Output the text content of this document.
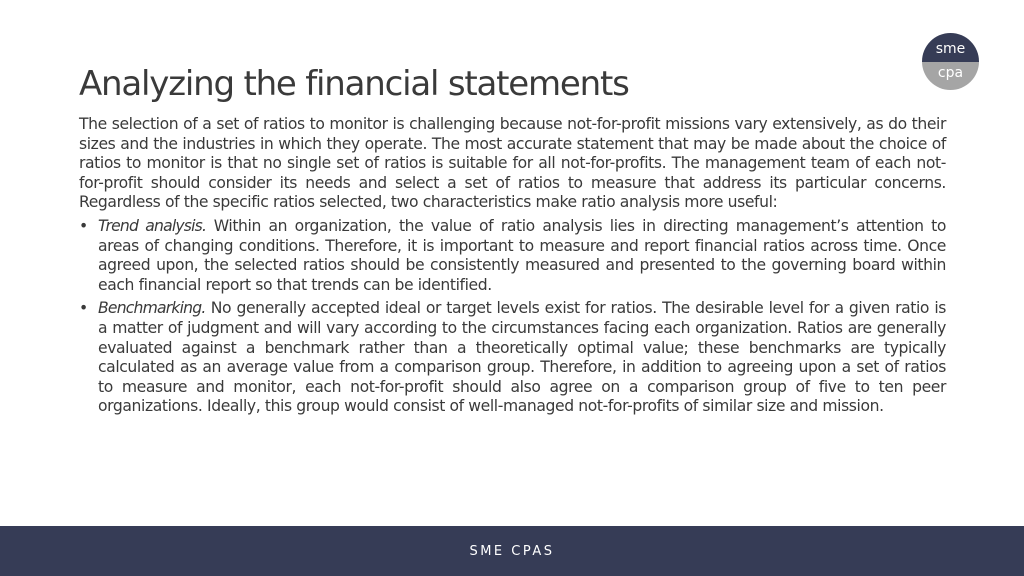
sme
cpa
Analyzing the financial statements

The selection of a set of ratios to monitor is challenging because not-for-profit missions vary extensively, as do their sizes and the industries in which they operate. The most accurate statement that may be made about the choice of ratios to monitor is that no single set of ratios is suitable for all not-for-profits. The management team of each not-for-profit should consider its needs and select a set of ratios to measure that address its particular concerns. Regardless of the specific ratios selected, two characteristics make ratio analysis more useful:

• Trend analysis. Within an organization, the value of ratio analysis lies in directing management’s attention to areas of changing conditions. Therefore, it is important to measure and report financial ratios across time. Once agreed upon, the selected ratios should be consistently measured and presented to the governing board within each financial report so that trends can be identified.
• Benchmarking. No generally accepted ideal or target levels exist for ratios. The desirable level for a given ratio is a matter of judgment and will vary according to the circumstances facing each organization. Ratios are generally evaluated against a benchmark rather than a theoretically optimal value; these benchmarks are typically calculated as an average value from a comparison group. Therefore, in addition to agreeing upon a set of ratios to measure and monitor, each not-for-profit should also agree on a comparison group of five to ten peer organizations. Ideally, this group would consist of well-managed not-for-profits of similar size and mission.
SME CPAS
